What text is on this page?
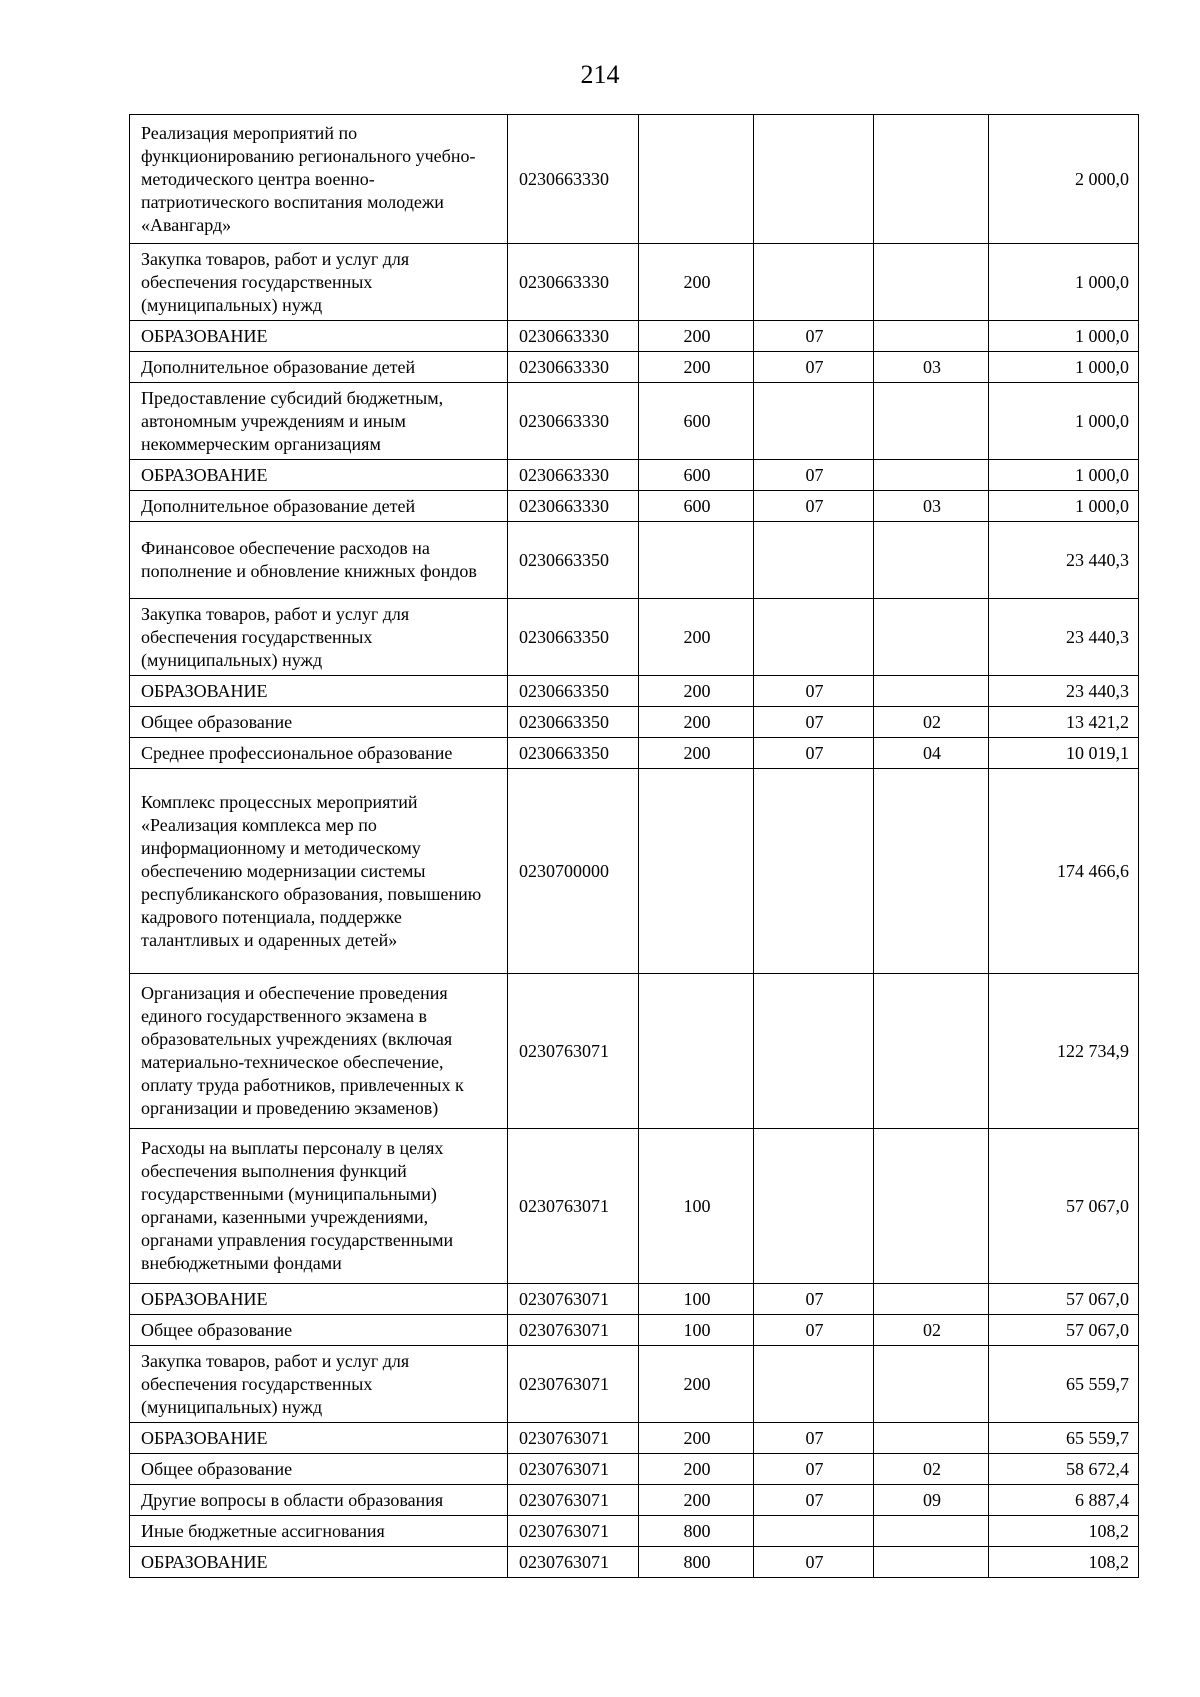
214
Реализация мероприятий по функционированию регионального учебно-методического центра военно-патриотического воспитания молодежи «Авангард»	0230663330				2 000,0
Закупка товаров, работ и услуг для обеспечения государственных (муниципальных) нужд	0230663330	200			1 000,0
ОБРАЗОВАНИЕ	0230663330	200	07		1 000,0
Дополнительное образование детей	0230663330	200	07	03	1 000,0
Предоставление субсидий бюджетным, автономным учреждениям и иным некоммерческим организациям	0230663330	600			1 000,0
ОБРАЗОВАНИЕ	0230663330	600	07		1 000,0
Дополнительное образование детей	0230663330	600	07	03	1 000,0
Финансовое обеспечение расходов на пополнение и обновление книжных фондов	0230663350				23 440,3
Закупка товаров, работ и услуг для обеспечения государственных (муниципальных) нужд	0230663350	200			23 440,3
ОБРАЗОВАНИЕ	0230663350	200	07		23 440,3
Общее образование	0230663350	200	07	02	13 421,2
Среднее профессиональное образование	0230663350	200	07	04	10 019,1
Комплекс процессных мероприятий «Реализация комплекса мер по информационному и методическому обеспечению модернизации системы республиканского образования, повышению кадрового потенциала, поддержке талантливых и одаренных детей»	0230700000				174 466,6
Организация и обеспечение проведения единого государственного экзамена в образовательных учреждениях (включая материально-техническое обеспечение, оплату труда работников, привлеченных к организации и проведению экзаменов)	0230763071				122 734,9
Расходы на выплаты персоналу в целях обеспечения выполнения функций государственными (муниципальными) органами, казенными учреждениями, органами управления государственными внебюджетными фондами	0230763071	100			57 067,0
ОБРАЗОВАНИЕ	0230763071	100	07		57 067,0
Общее образование	0230763071	100	07	02	57 067,0
Закупка товаров, работ и услуг для обеспечения государственных (муниципальных) нужд	0230763071	200			65 559,7
ОБРАЗОВАНИЕ	0230763071	200	07		65 559,7
Общее образование	0230763071	200	07	02	58 672,4
Другие вопросы в области образования	0230763071	200	07	09	6 887,4
Иные бюджетные ассигнования	0230763071	800			108,2
ОБРАЗОВАНИЕ	0230763071	800	07		108,2
